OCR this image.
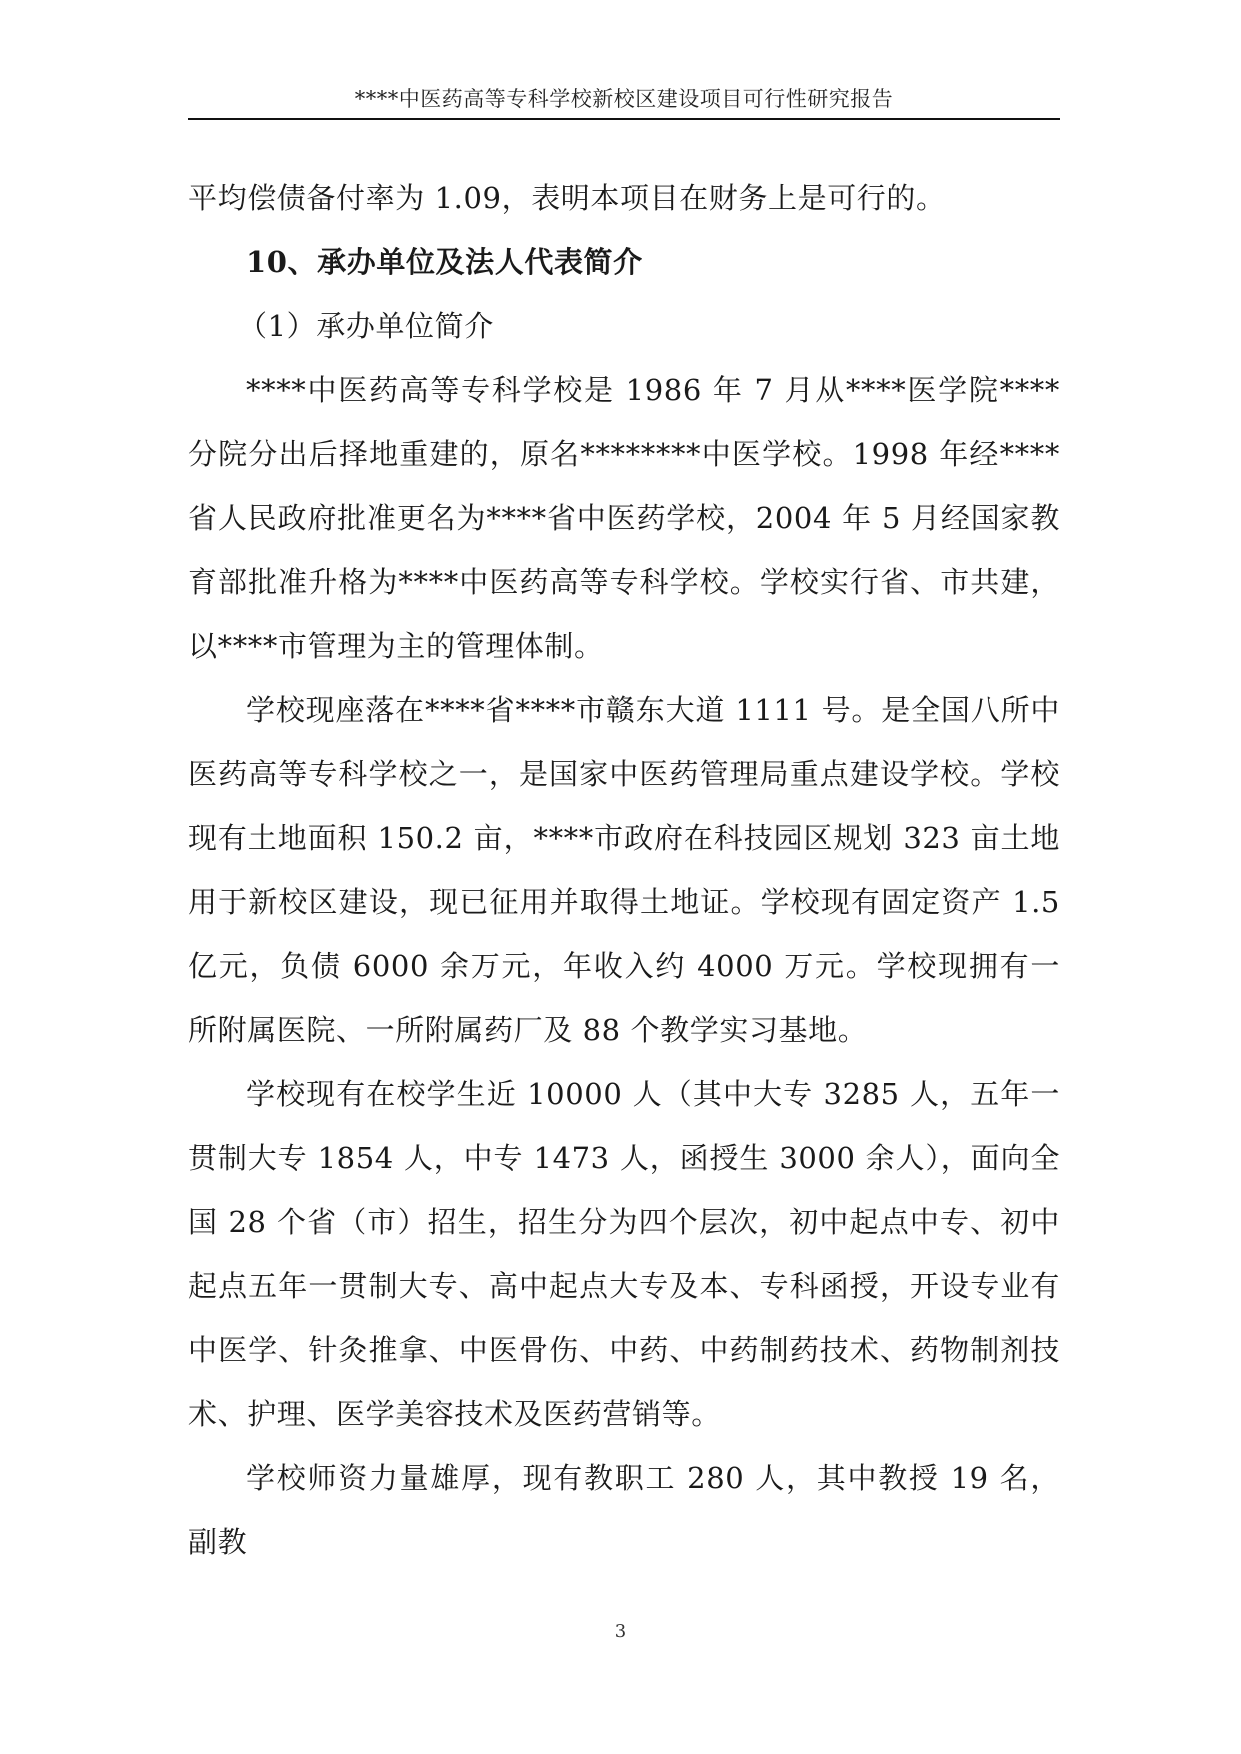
****中医药高等专科学校新校区建设项目可行性研究报告

平均偿债备付率为 1.09，表明本项目在财务上是可行的。

10、承办单位及法人代表简介

（1）承办单位简介

****中医药高等专科学校是 1986 年 7 月从****医学院****分院分出后择地重建的，原名********中医学校。1998 年经****省人民政府批准更名为****省中医药学校，2004 年 5 月经国家教育部批准升格为****中医药高等专科学校。学校实行省、市共建，以****市管理为主的管理体制。

学校现座落在****省****市赣东大道 1111 号。是全国八所中医药高等专科学校之一，是国家中医药管理局重点建设学校。学校现有土地面积 150.2 亩，****市政府在科技园区规划 323 亩土地用于新校区建设，现已征用并取得土地证。学校现有固定资产 1.5 亿元，负债 6000 余万元，年收入约 4000 万元。学校现拥有一所附属医院、一所附属药厂及 88 个教学实习基地。

学校现有在校学生近 10000 人（其中大专 3285 人，五年一贯制大专 1854 人，中专 1473 人，函授生 3000 余人），面向全国 28 个省（市）招生，招生分为四个层次，初中起点中专、初中起点五年一贯制大专、高中起点大专及本、专科函授，开设专业有中医学、针灸推拿、中医骨伤、中药、中药制药技术、药物制剂技术、护理、医学美容技术及医药营销等。

学校师资力量雄厚，现有教职工 280 人，其中教授 19 名，副教

3
